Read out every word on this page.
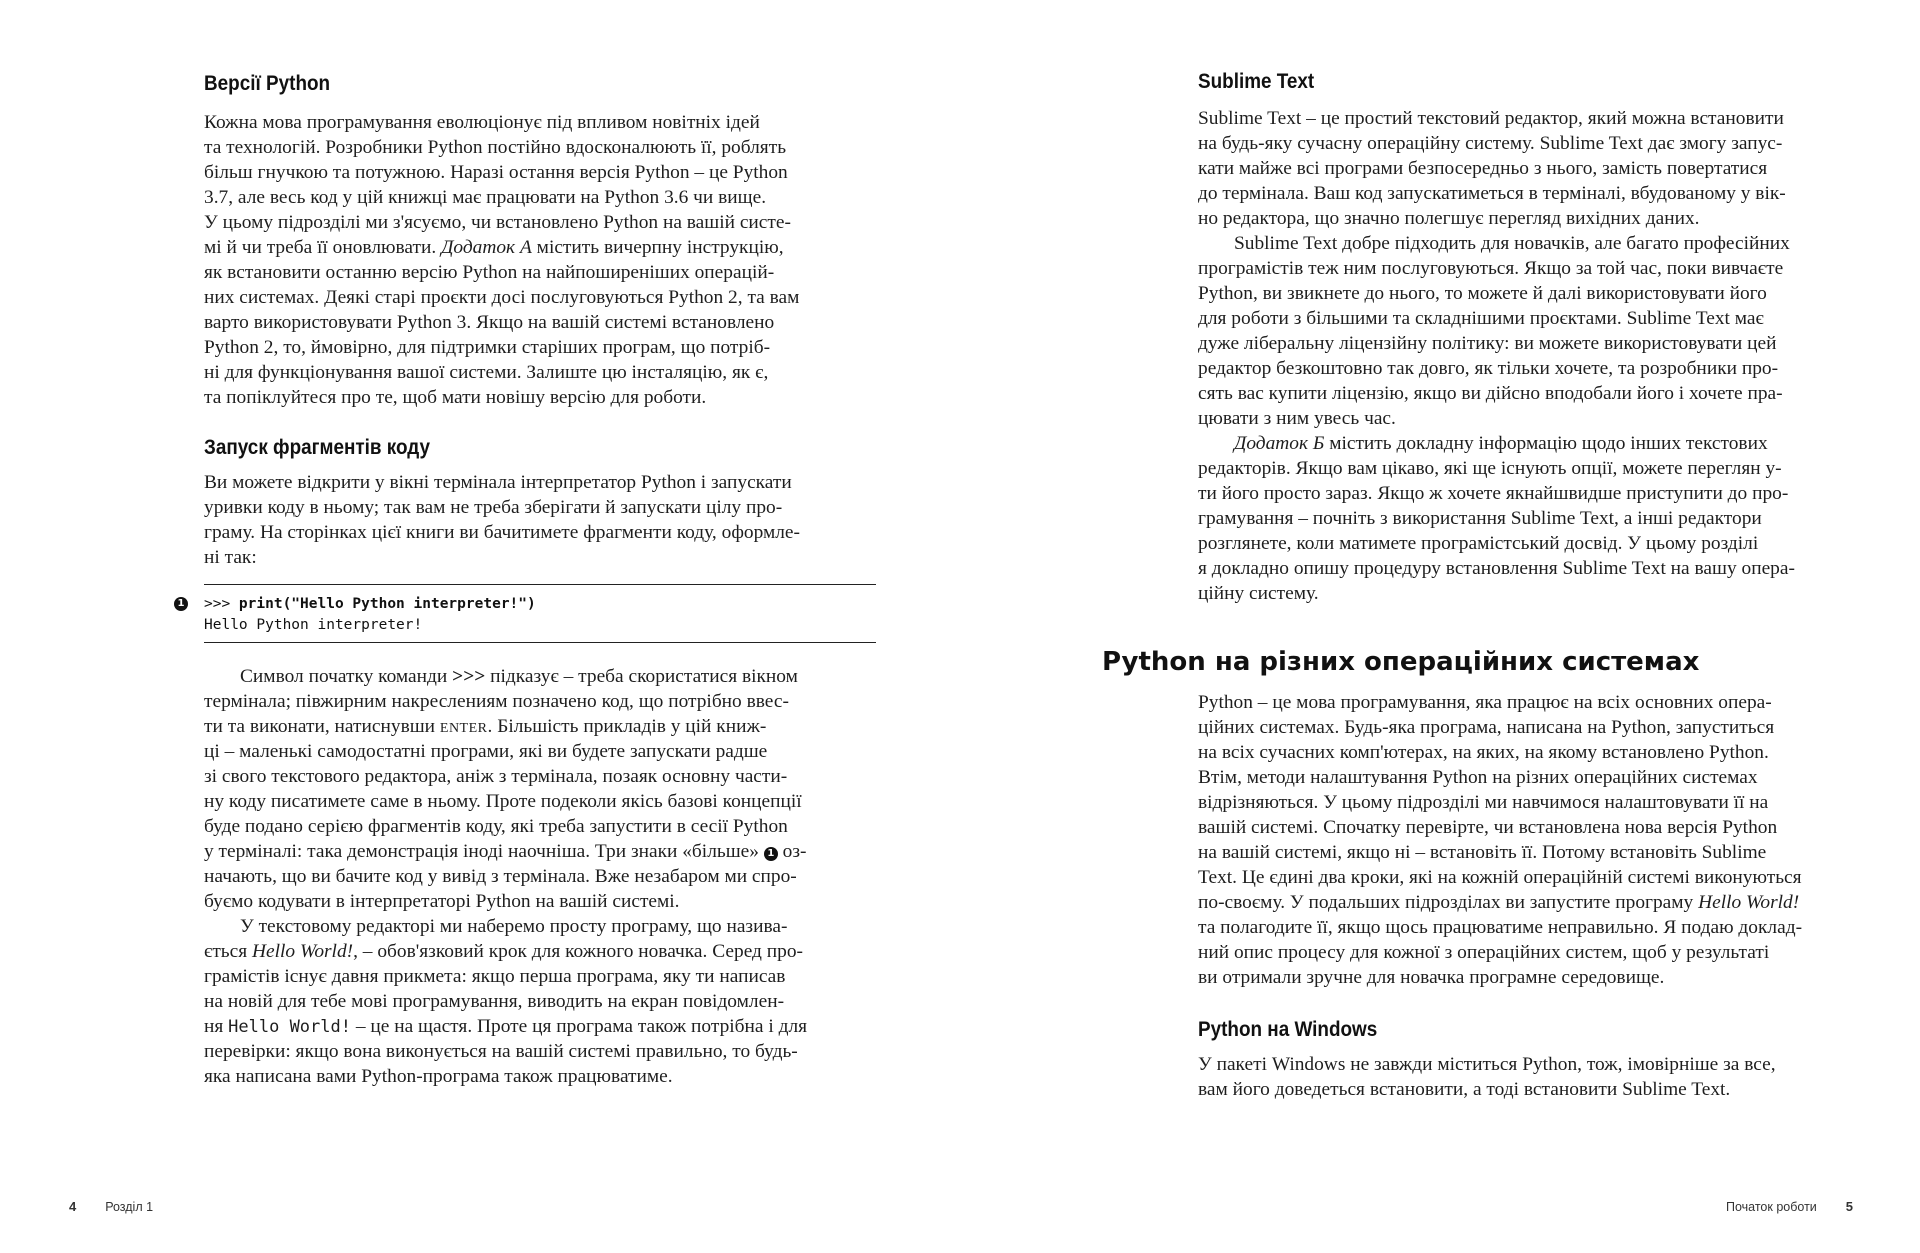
Версії Python
Кожна мова програмування еволюціонує під впливом новітніх ідей
та технологій. Розробники Python постійно вдосконалюють її, роблять
більш гнучкою та потужною. Наразі остання версія Python – це Python
3.7, але весь код у цій книжці має працювати на Python 3.6 чи вище.
У цьому підрозділі ми з'ясуємо, чи встановлено Python на вашій систе-
мі й чи треба її оновлювати. Додаток А містить вичерпну інструкцію,
як встановити останню версію Python на найпоширеніших операцій-
них системах. Деякі старі проєкти досі послуговуються Python 2, та вам
варто використовувати Python 3. Якщо на вашій системі встановлено
Python 2, то, ймовірно, для підтримки старіших програм, що потріб-
ні для функціонування вашої системи. Залиште цю інсталяцію, як є,
та попіклуйтеся про те, щоб мати новішу версію для роботи.
Запуск фрагментів коду
Ви можете відкрити у вікні термінала інтерпретатор Python і запускати
уривки коду в ньому; так вам не треба зберігати й запускати цілу про-
граму. На сторінках цієї книги ви бачитимете фрагменти коду, оформле-
ні так:
1 >>> print("Hello Python interpreter!")
Hello Python interpreter!
Символ початку команди >>> підказує – треба скористатися вікном
термінала; півжирним накреслениям позначено код, що потрібно ввес-
ти та виконати, натиснувши ENTER. Більшість прикладів у цій книж-
ці – маленькі самодостатні програми, які ви будете запускати радше
зі свого текстового редактора, аніж з термінала, позаяк основну части-
ну коду писатимете саме в ньому. Проте подеколи якісь базові концепції
буде подано серією фрагментів коду, які треба запустити в сесії Python
у терміналі: така демонстрація іноді наочніша. Три знаки «більше» 1 оз-
начають, що ви бачите код у вивід з термінала. Вже незабаром ми спро-
буємо кодувати в інтерпретаторі Python на вашій системі.
У текстовому редакторі ми наберемо просту програму, що назива-
ється Hello World!, – обов'язковий крок для кожного новачка. Серед про-
грамістів існує давня прикмета: якщо перша програма, яку ти написав
на новій для тебе мові програмування, виводить на екран повідомлен-
ня Hello World! – це на щастя. Проте ця програма також потрібна і для
перевірки: якщо вона виконується на вашій системі правильно, то будь-
яка написана вами Python-програма також працюватиме.
4 Розділ 1
Sublime Text
Sublime Text – це простий текстовий редактор, який можна встановити
на будь-яку сучасну операційну систему. Sublime Text дає змогу запус-
кати майже всі програми безпосередньо з нього, замість повертатися
до термінала. Ваш код запускатиметься в терміналі, вбудованому у вік-
но редактора, що значно полегшує перегляд вихідних даних.
Sublime Text добре підходить для новачків, але багато професійних
програмістів теж ним послуговуються. Якщо за той час, поки вивчаєте
Python, ви звикнете до нього, то можете й далі використовувати його
для роботи з більшими та складнішими проєктами. Sublime Text має
дуже ліберальну ліцензійну політику: ви можете використовувати цей
редактор безкоштовно так довго, як тільки хочете, та розробники про-
сять вас купити ліцензію, якщо ви дійсно вподобали його і хочете пра-
цювати з ним увесь час.
Додаток Б містить докладну інформацію щодо інших текстових
редакторів. Якщо вам цікаво, які ще існують опції, можете переглян у-
ти його просто зараз. Якщо ж хочете якнайшвидше приступити до про-
грамування – почніть з використання Sublime Text, а інші редактори
розглянете, коли матимете програмістський досвід. У цьому розділі
я докладно опишу процедуру встановлення Sublime Text на вашу опера-
ційну систему.
Python на різних операційних системах
Python – це мова програмування, яка працює на всіх основних опера-
ційних системах. Будь-яка програма, написана на Python, запуститься
на всіх сучасних комп'ютерах, на яких, на якому встановлено Python.
Втім, методи налаштування Python на різних операційних системах
відрізняються. У цьому підрозділі ми навчимося налаштовувати її на
вашій системі. Спочатку перевірте, чи встановлена нова версія Python
на вашій системі, якщо ні – встановіть її. Потому встановіть Sublime
Text. Це єдині два кроки, які на кожній операційній системі виконуються
по-своєму. У подальших підрозділах ви запустите програму Hello World!
та полагодите її, якщо щось працюватиме неправильно. Я подаю доклад-
ний опис процесу для кожної з операційних систем, щоб у результаті
ви отримали зручне для новачка програмне середовище.
Python на Windows
У пакеті Windows не завжди міститься Python, тож, імовірніше за все,
вам його доведеться встановити, а тоді встановити Sublime Text.
Початок роботи 5
